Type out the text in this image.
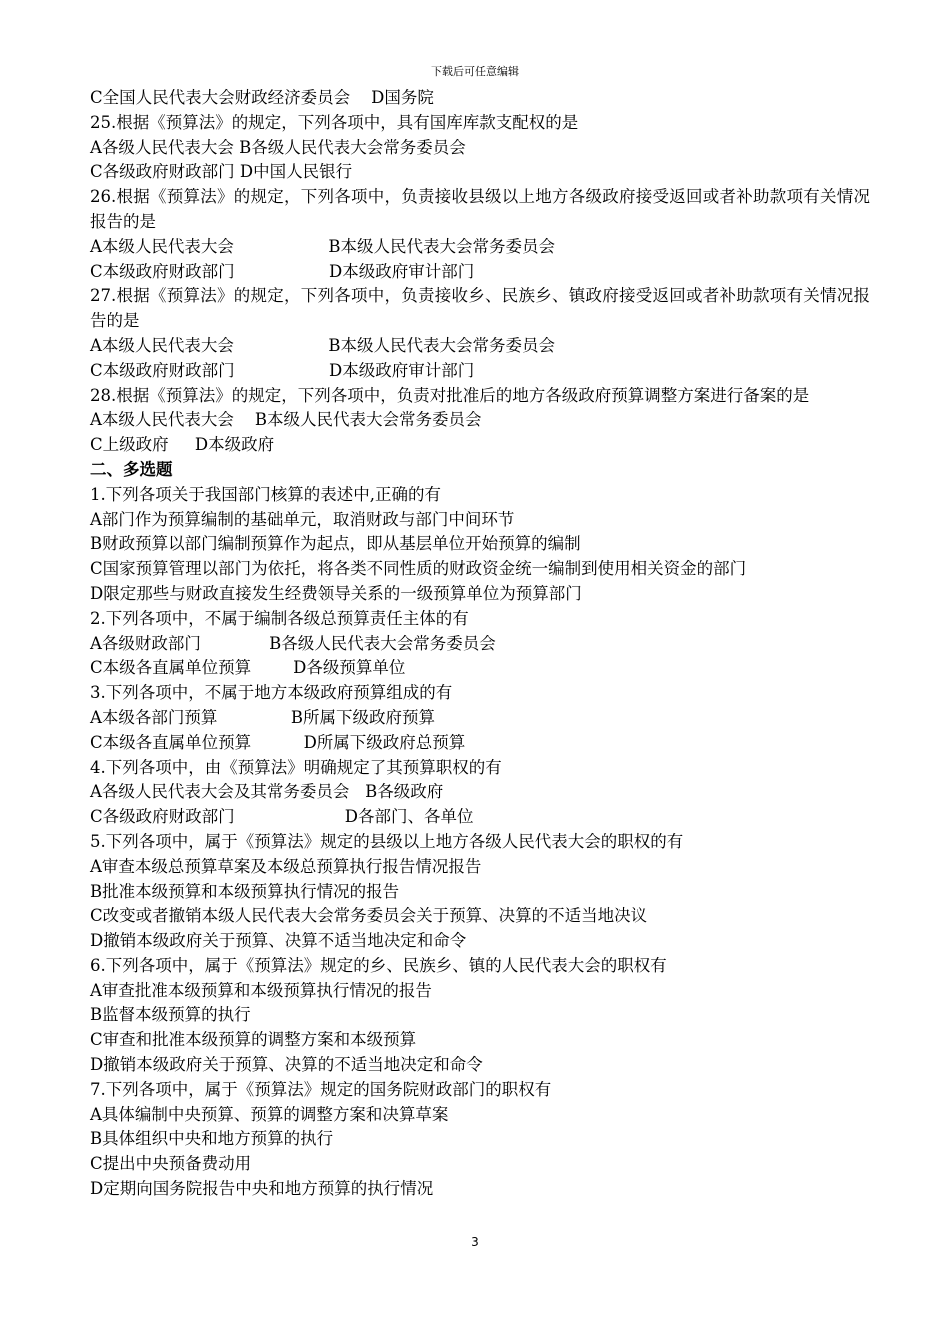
下载后可任意编辑
C全国人民代表大会财政经济委员会    D国务院
25.根据《预算法》的规定，下列各项中，具有国库库款支配权的是
A各级人民代表大会 B各级人民代表大会常务委员会
C各级政府财政部门 D中国人民银行
26.根据《预算法》的规定，下列各项中，负责接收县级以上地方各级政府接受返回或者补助款项有关情况报告的是
A本级人民代表大会                  B本级人民代表大会常务委员会
C本级政府财政部门                  D本级政府审计部门
27.根据《预算法》的规定，下列各项中，负责接收乡、民族乡、镇政府接受返回或者补助款项有关情况报告的是
A本级人民代表大会                  B本级人民代表大会常务委员会
C本级政府财政部门                  D本级政府审计部门
28.根据《预算法》的规定，下列各项中，负责对批准后的地方各级政府预算调整方案进行备案的是
A本级人民代表大会    B本级人民代表大会常务委员会
C上级政府     D本级政府
二、多选题
1.下列各项关于我国部门核算的表述中,正确的有
A部门作为预算编制的基础单元，取消财政与部门中间环节
B财政预算以部门编制预算作为起点，即从基层单位开始预算的编制
C国家预算管理以部门为依托，将各类不同性质的财政资金统一编制到使用相关资金的部门
D限定那些与财政直接发生经费领导关系的一级预算单位为预算部门
2.下列各项中，不属于编制各级总预算责任主体的有
A各级财政部门             B各级人民代表大会常务委员会
C本级各直属单位预算        D各级预算单位
3.下列各项中，不属于地方本级政府预算组成的有
A本级各部门预算              B所属下级政府预算
C本级各直属单位预算          D所属下级政府总预算
4.下列各项中，由《预算法》明确规定了其预算职权的有
A各级人民代表大会及其常务委员会   B各级政府
C各级政府财政部门                     D各部门、各单位
5.下列各项中，属于《预算法》规定的县级以上地方各级人民代表大会的职权的有
A审查本级总预算草案及本级总预算执行报告情况报告
B批准本级预算和本级预算执行情况的报告
C改变或者撤销本级人民代表大会常务委员会关于预算、决算的不适当地决议
D撤销本级政府关于预算、决算不适当地决定和命令
6.下列各项中，属于《预算法》规定的乡、民族乡、镇的人民代表大会的职权有
A审查批准本级预算和本级预算执行情况的报告
B监督本级预算的执行
C审查和批准本级预算的调整方案和本级预算
D撤销本级政府关于预算、决算的不适当地决定和命令
7.下列各项中，属于《预算法》规定的国务院财政部门的职权有
A具体编制中央预算、预算的调整方案和决算草案
B具体组织中央和地方预算的执行
C提出中央预备费动用
D定期向国务院报告中央和地方预算的执行情况
3
